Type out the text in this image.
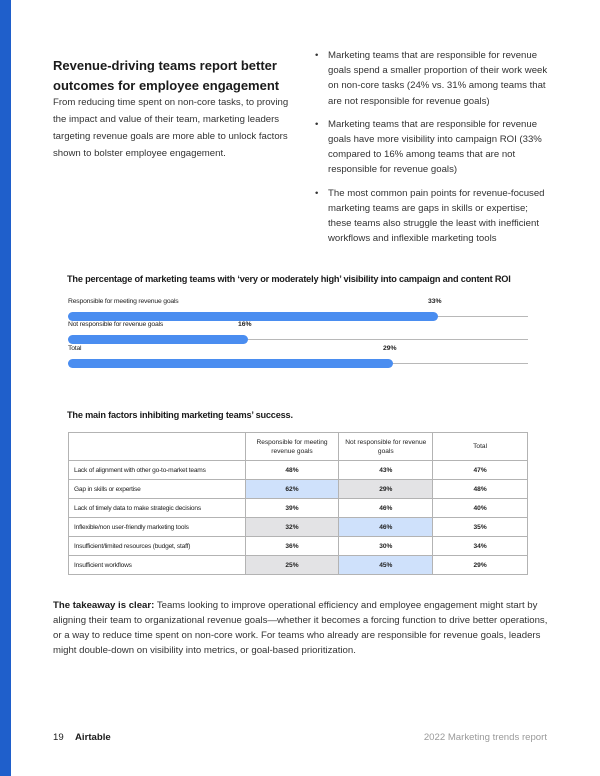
Revenue-driving teams report better outcomes for employee engagement
From reducing time spent on non-core tasks, to proving the impact and value of their team, marketing leaders targeting revenue goals are more able to unlock factors shown to bolster employee engagement.
• Marketing teams that are responsible for revenue goals spend a smaller proportion of their work week on non-core tasks (24% vs. 31% among teams that are not responsible for revenue goals)
• Marketing teams that are responsible for revenue goals have more visibility into campaign ROI (33% compared to 16% among teams that are not responsible for revenue goals)
• The most common pain points for revenue-focused marketing teams are gaps in skills or expertise; these teams also struggle the least with inefficient workflows and inflexible marketing tools
The percentage of marketing teams with ‘very or moderately high’ visibility into campaign and content ROI
Responsible for meeting revenue goals	33%
Not responsible for revenue goals	16%
Total	29%
The main factors inhibiting marketing teams’ success.
	Responsible for meeting revenue goals	Not responsible for revenue goals	Total
Lack of alignment with other go-to-market teams	48%	43%	47%
Gap in skills or expertise	62%	29%	48%
Lack of timely data to make strategic decisions	39%	46%	40%
Inflexible/non user-friendly marketing tools	32%	46%	35%
Insufficient/limited resources (budget, staff)	36%	30%	34%
Insufficient workflows	25%	45%	29%
The takeaway is clear: Teams looking to improve operational efficiency and employee engagement might start by aligning their team to organizational revenue goals—whether it becomes a forcing function to drive better operations, or a way to reduce time spent on non-core work. For teams who already are responsible for revenue goals, leaders might double-down on visibility into metrics, or goal-based prioritization.
19 Airtable	2022 Marketing trends report
